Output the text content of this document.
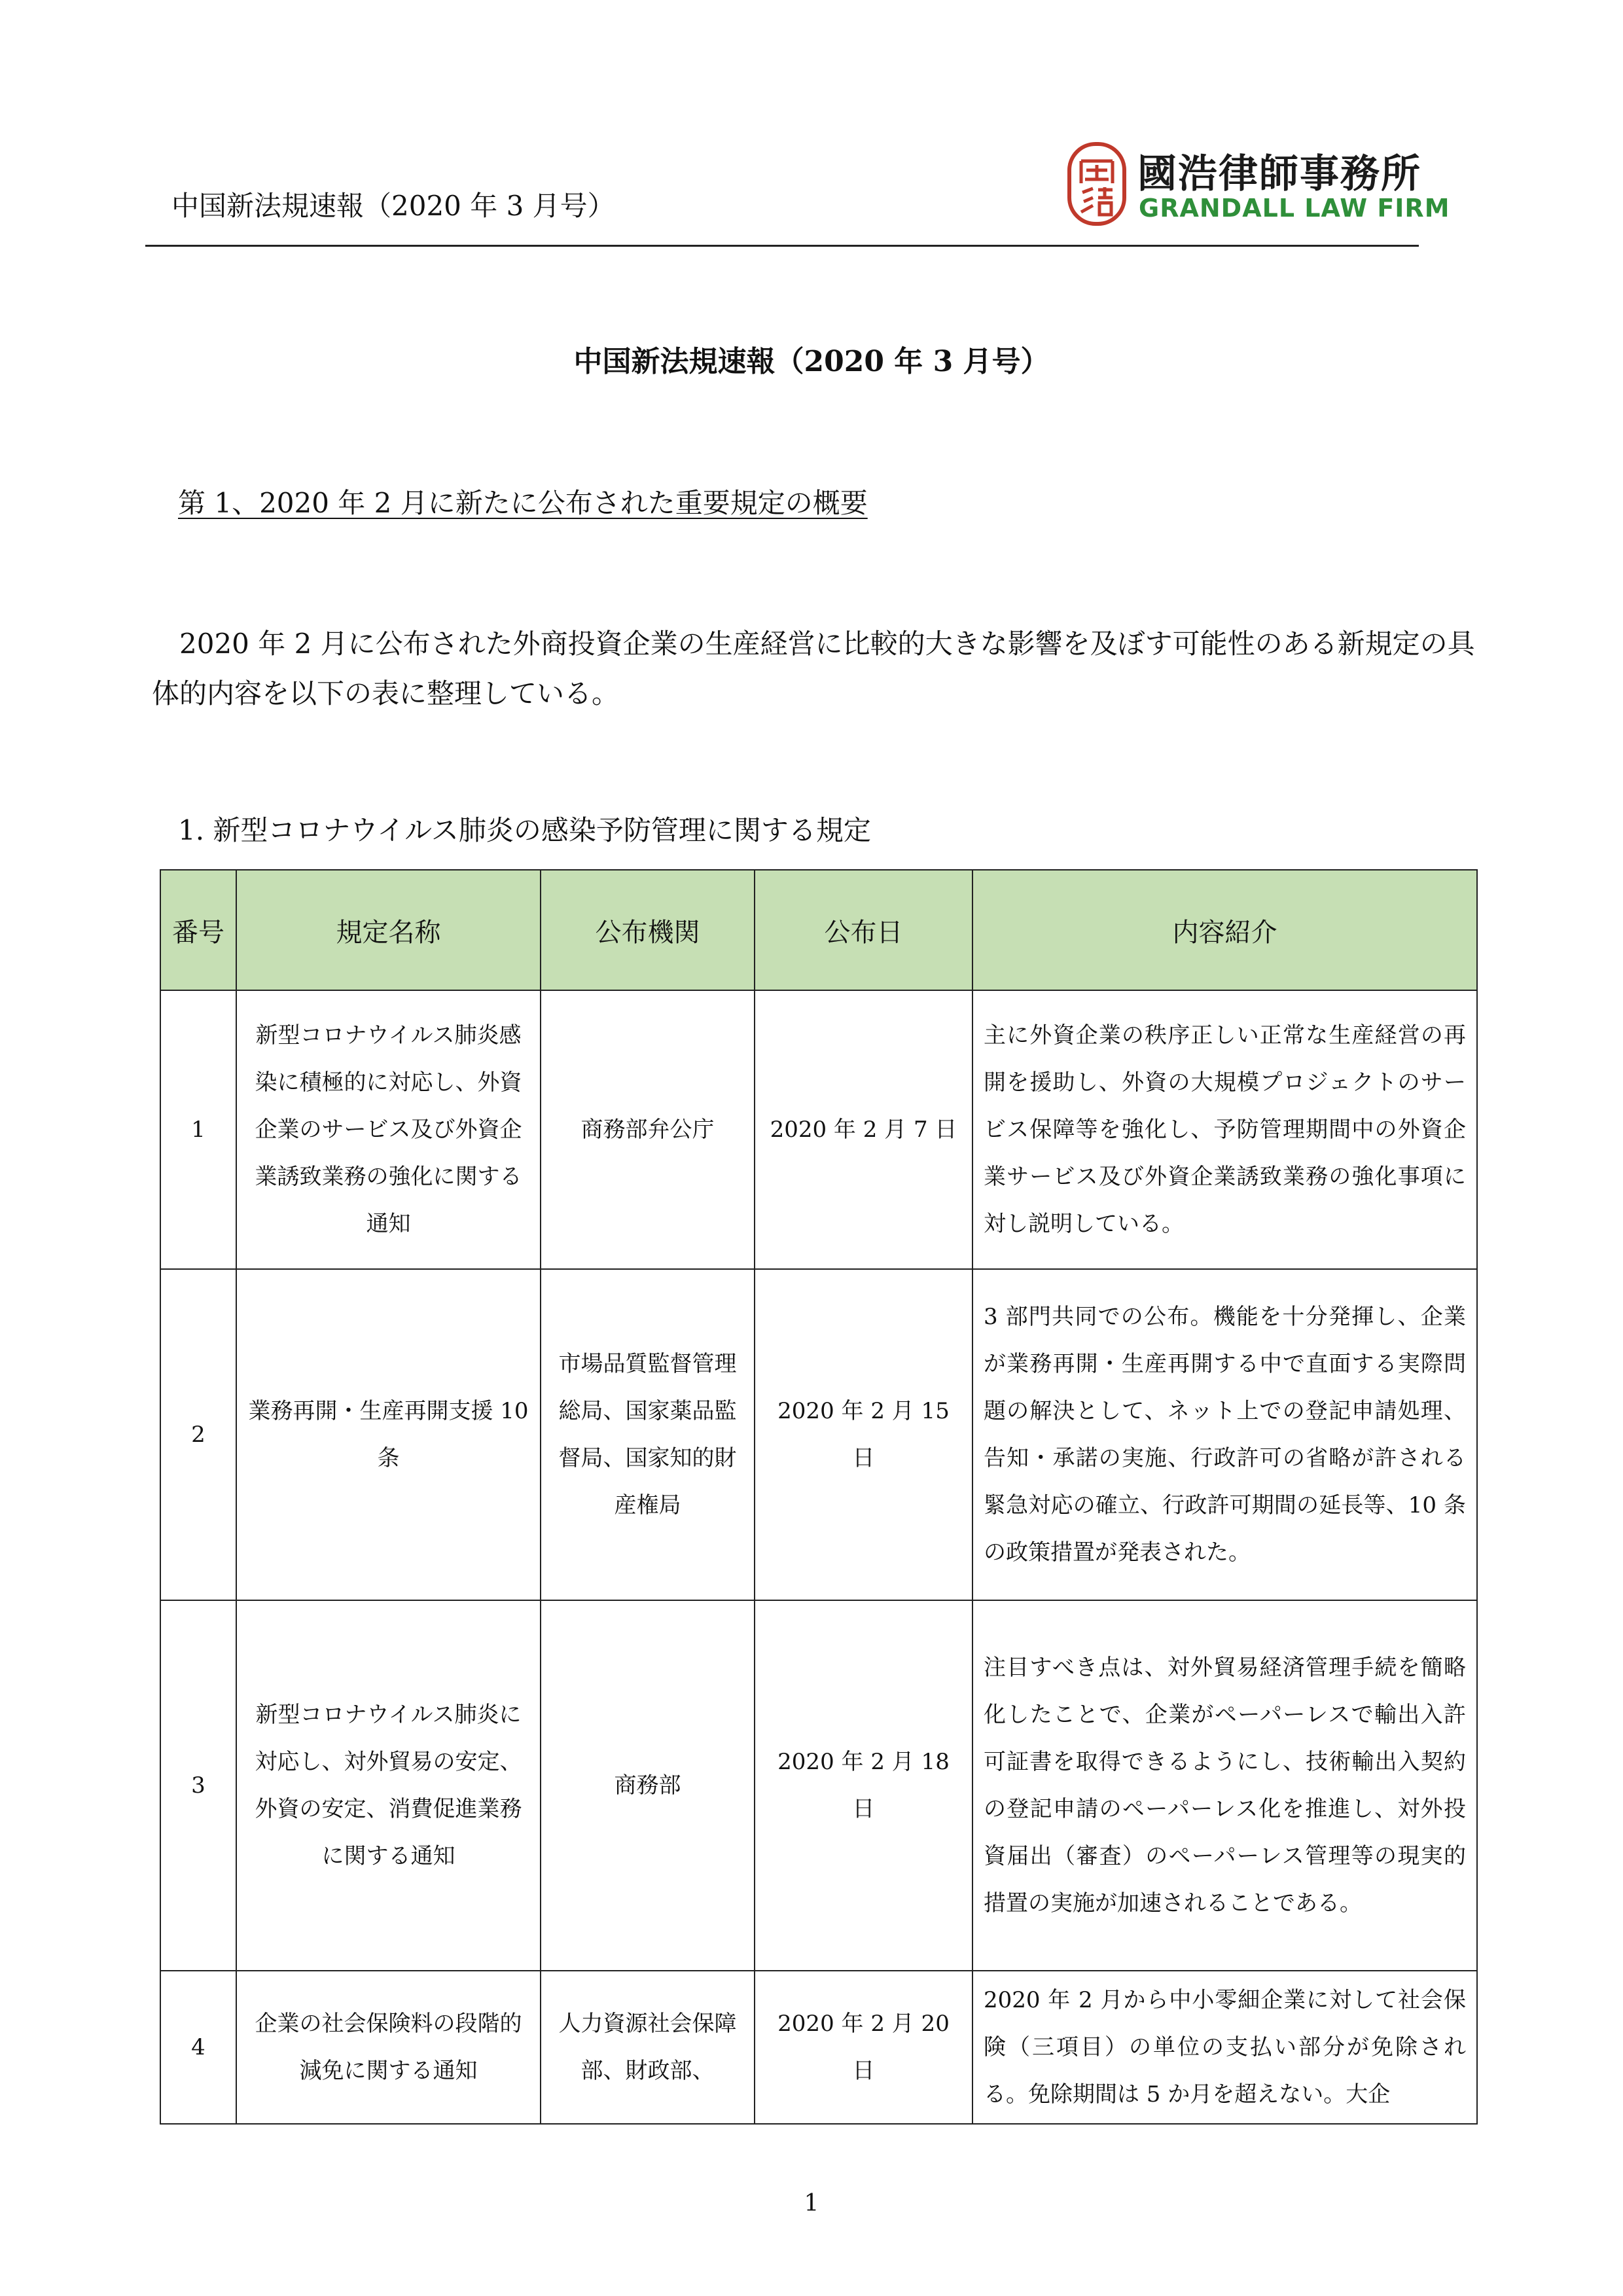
中国新法規速報（2020 年 3 月号）
國浩律師事務所
GRANDALL LAW FIRM
中国新法規速報（2020 年 3 月号）
第 1、2020 年 2 月に新たに公布された重要規定の概要
2020 年 2 月に公布された外商投資企業の生産経営に比較的大きな影響を及ぼす可能性のある新規定の具体的内容を以下の表に整理している。
1. 新型コロナウイルス肺炎の感染予防管理に関する規定
番号	規定名称	公布機関	公布日	内容紹介
1	新型コロナウイルス肺炎感染に積極的に対応し、外資企業のサービス及び外資企業誘致業務の強化に関する通知	商務部弁公庁	2020 年 2 月 7 日	主に外資企業の秩序正しい正常な生産経営の再開を援助し、外資の大規模プロジェクトのサービス保障等を強化し、予防管理期間中の外資企業サービス及び外資企業誘致業務の強化事項に対し説明している。
2	業務再開・生産再開支援 10 条	市場品質監督管理総局、国家薬品監督局、国家知的財産権局	2020 年 2 月 15 日	3 部門共同での公布。機能を十分発揮し、企業が業務再開・生産再開する中で直面する実際問題の解決として、ネット上での登記申請処理、告知・承諾の実施、行政許可の省略が許される緊急対応の確立、行政許可期間の延長等、10 条の政策措置が発表された。
3	新型コロナウイルス肺炎に対応し、対外貿易の安定、外資の安定、消費促進業務に関する通知	商務部	2020 年 2 月 18 日	注目すべき点は、対外貿易経済管理手続を簡略化したことで、企業がペーパーレスで輸出入許可証書を取得できるようにし、技術輸出入契約の登記申請のペーパーレス化を推進し、対外投資届出（審査）のペーパーレス管理等の現実的措置の実施が加速されることである。
4	企業の社会保険料の段階的減免に関する通知	人力資源社会保障部、財政部、	2020 年 2 月 20 日	2020 年 2 月から中小零細企業に対して社会保険（三項目）の単位の支払い部分が免除される。免除期間は 5 か月を超えない。大企
1
